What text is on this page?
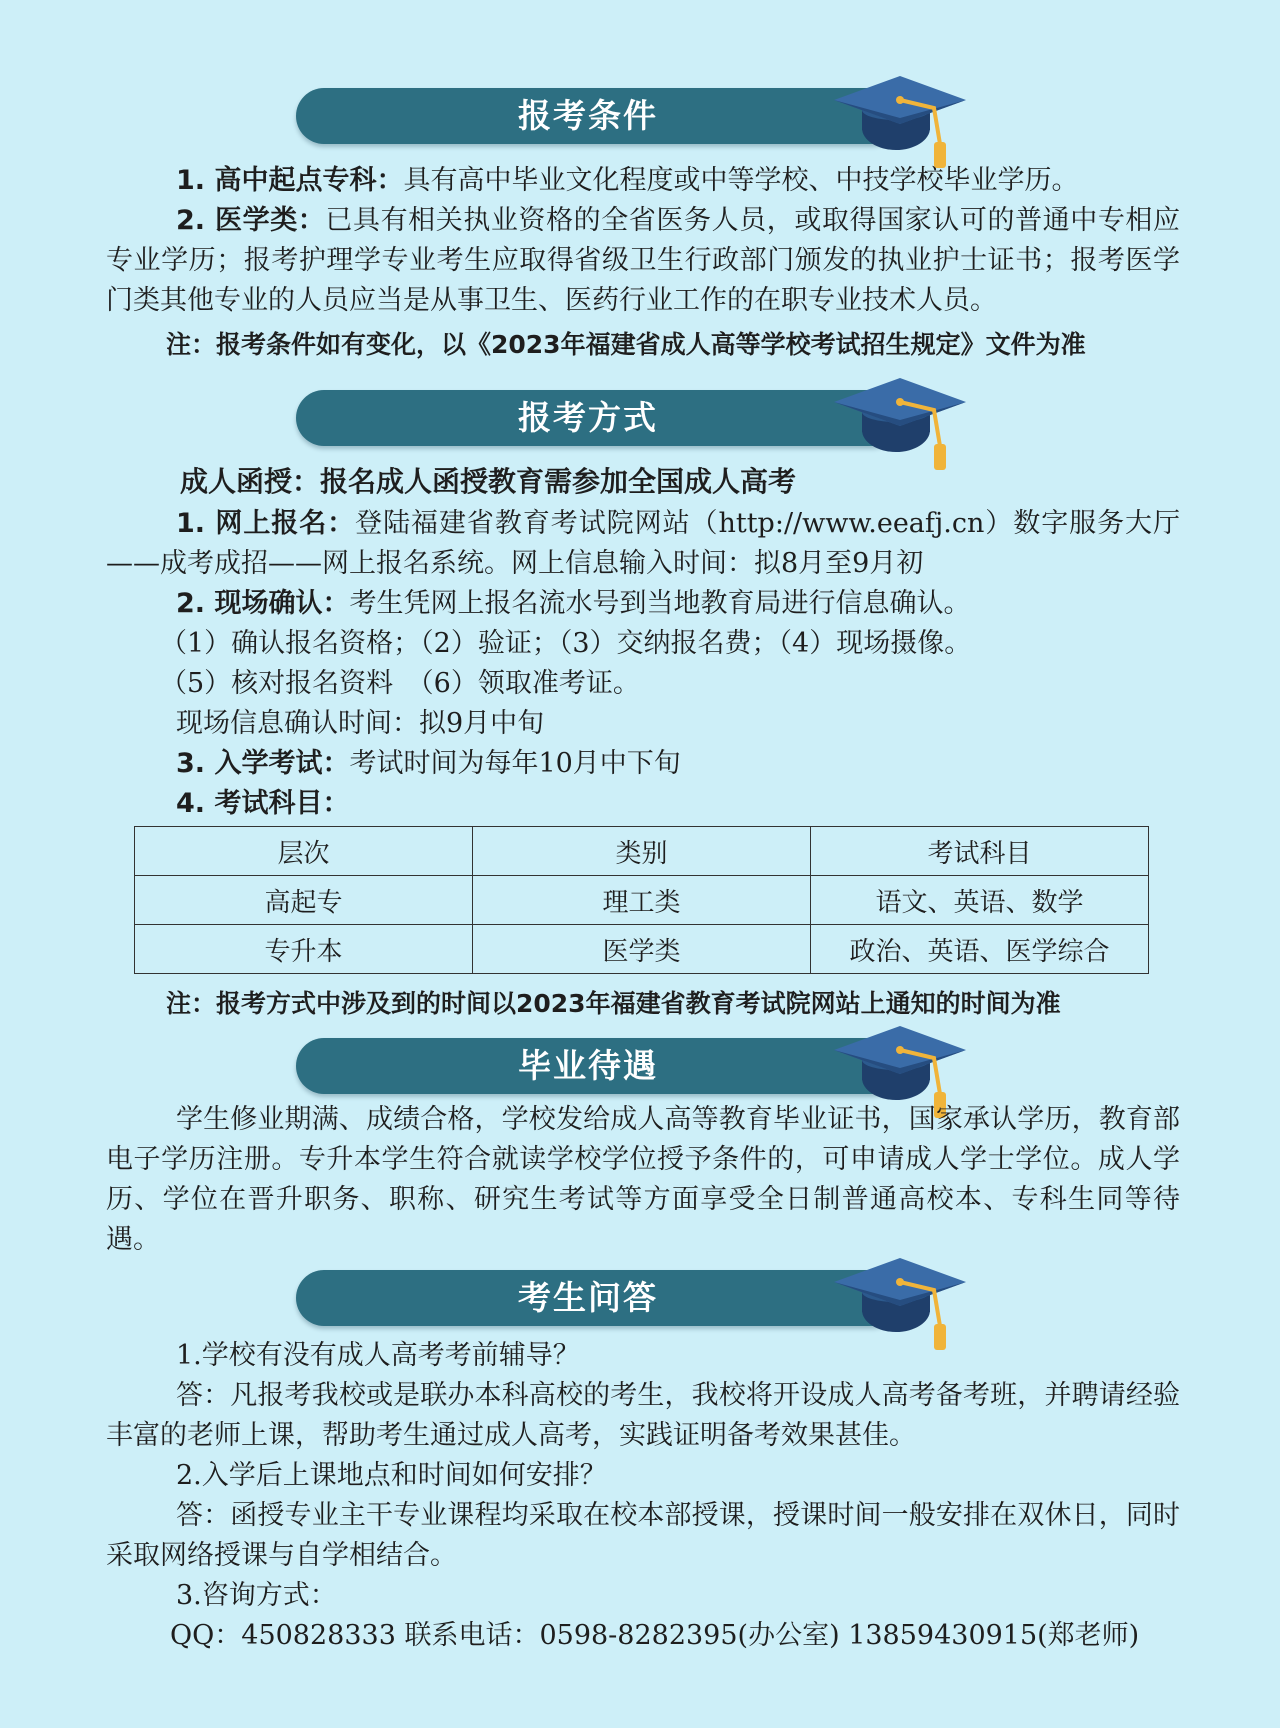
报考条件

1. 高中起点专科：具有高中毕业文化程度或中等学校、中技学校毕业学历。

2. 医学类：已具有相关执业资格的全省医务人员，或取得国家认可的普通中专相应专业学历；报考护理学专业考生应取得省级卫生行政部门颁发的执业护士证书；报考医学门类其他专业的人员应当是从事卫生、医药行业工作的在职专业技术人员。

注：报考条件如有变化，以《2023年福建省成人高等学校考试招生规定》文件为准
报考方式

成人函授：报名成人函授教育需参加全国成人高考

1. 网上报名：登陆福建省教育考试院网站（http://www.eeafj.cn）数字服务大厅——成考成招——网上报名系统。网上信息输入时间：拟8月至9月初

2. 现场确认：考生凭网上报名流水号到当地教育局进行信息确认。

（1）确认报名资格；（2）验证；（3）交纳报名费；（4）现场摄像。

（5）核对报名资料　（6）领取准考证。

现场信息确认时间：拟9月中旬

3. 入学考试：考试时间为每年10月中下旬

4. 考试科目：

层次	类别	考试科目
高起专	理工类	语文、英语、数学
专升本	医学类	政治、英语、医学综合
注：报考方式中涉及到的时间以2023年福建省教育考试院网站上通知的时间为准
毕业待遇

学生修业期满、成绩合格，学校发给成人高等教育毕业证书，国家承认学历，教育部电子学历注册。专升本学生符合就读学校学位授予条件的，可申请成人学士学位。成人学历、学位在晋升职务、职称、研究生考试等方面享受全日制普通高校本、专科生同等待遇。

考生问答

1.学校有没有成人高考考前辅导？

答：凡报考我校或是联办本科高校的考生，我校将开设成人高考备考班，并聘请经验丰富的老师上课，帮助考生通过成人高考，实践证明备考效果甚佳。

2.入学后上课地点和时间如何安排？

答：函授专业主干专业课程均采取在校本部授课，授课时间一般安排在双休日，同时采取网络授课与自学相结合。

3.咨询方式：

QQ：450828333 联系电话：0598-8282395(办公室) 13859430915(郑老师)
